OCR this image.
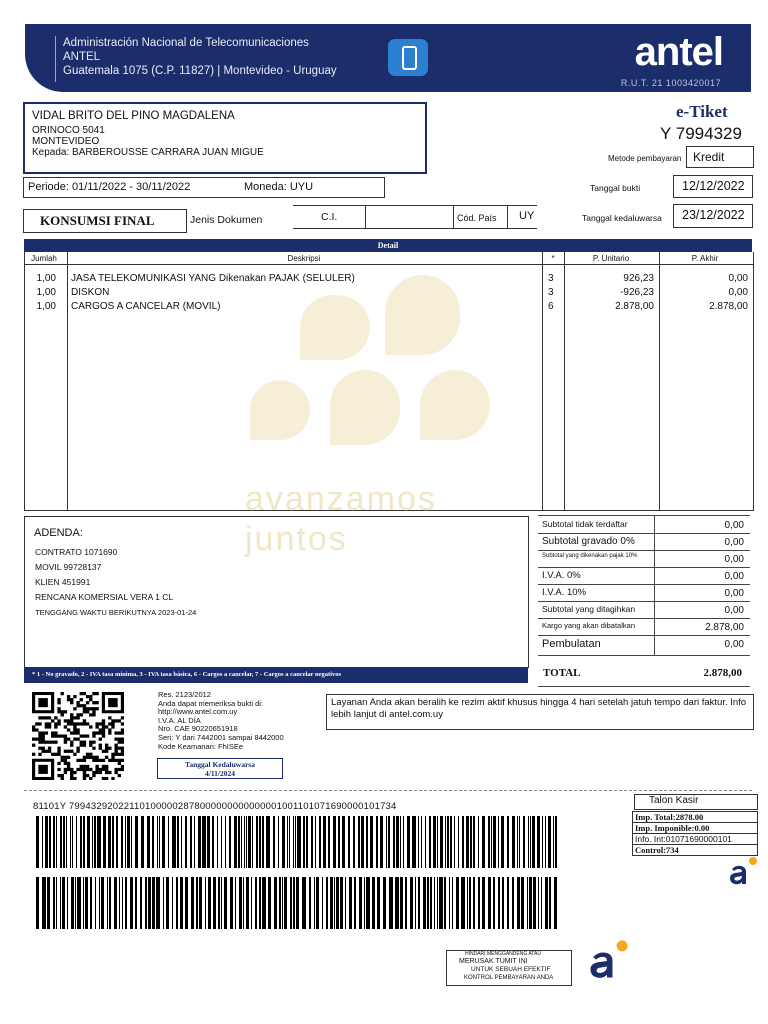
Administración Nacional de Telecomunicaciones
ANTEL
Guatemala 1075 (C.P. 11827) | Montevideo - Uruguay	antel
R.U.T. 21 1003420017
VIDAL BRITO DEL PINO MAGDALENA
ORINOCO 5041
MONTEVIDEO
Kepada: BARBEROUSSE CARRARA JUAN MIGUE
e-Tiket
Y 7994329
Metode pembayaran Kredit
Tanggal bukti	12/12/2022
Tanggal kedaluwarsa 23/12/2022
Periode: 01/11/2022 - 30/11/2022	Moneda: UYU
KONSUMSI FINAL	Jenis Dokumen	C.I.	Cód. País UY
Detail
Jumlah	Deskripsi	*	P. Unitario	P. Akhir
avanzamos
juntos
1,00 JASA TELEKOMUNIKASI YANG Dikenakan PAJAK (SELULER)	3	926,23	0,00
1,00 DISKON	3	-926,23	0,00
1,00 CARGOS A CANCELAR (MOVIL)	6	2.878,00	2.878,00
ADENDA:
CONTRATO 1071690
MOVIL 99728137
KLIEN 451991
RENCANA KOMERSIAL VERA 1 CL
TENGGANG WAKTU BERIKUTNYA 2023-01-24
* 1 - No gravado, 2 - IVA tasa mínima, 3 - IVA tasa básica, 6 - Cargos a cancelar, 7 - Cargos a cancelar negativos
Subtotal tidak terdaftar	0,00
Subtotal gravado 0%	0,00
Subtotal yang dikenakan pajak 10%	0,00
I.V.A. 0%	0,00
I.V.A. 10%	0,00
Subtotal yang ditagihkan	0,00
Kargo yang akan dibatalkan	2.878,00
Pembulatan	0,00
TOTAL	2.878,00
Res. 2123/2012
Anda dapat memeriksa bukti di:
http://www.antel.com.uy
I.V.A. AL DÍA
Nro. CAE 90220651918
Seri: Y dari 7442001 sampai 8442000
Kode Keamanan: FhISEe
Tanggal Kedaluwarsa
4/11/2024
Layanan Anda akan beralih ke rezim aktif khusus hingga 4 hari setelah jatuh tempo dari faktur. Info lebih lanjut di antel.com.uy
81101Y 799432920221101000002878000000000000001001101071690000101734
Talon Kasir
Imp. Total:2878.00
Imp. Imponible:0.00
Info. Int:01071690000101
Control:734
HINDARI MENGGANDENG ATAU
MERUSAK TUMIT INI
UNTUK SEBUAH EFEKTIF
KONTROL PEMBAYARAN ANDA
